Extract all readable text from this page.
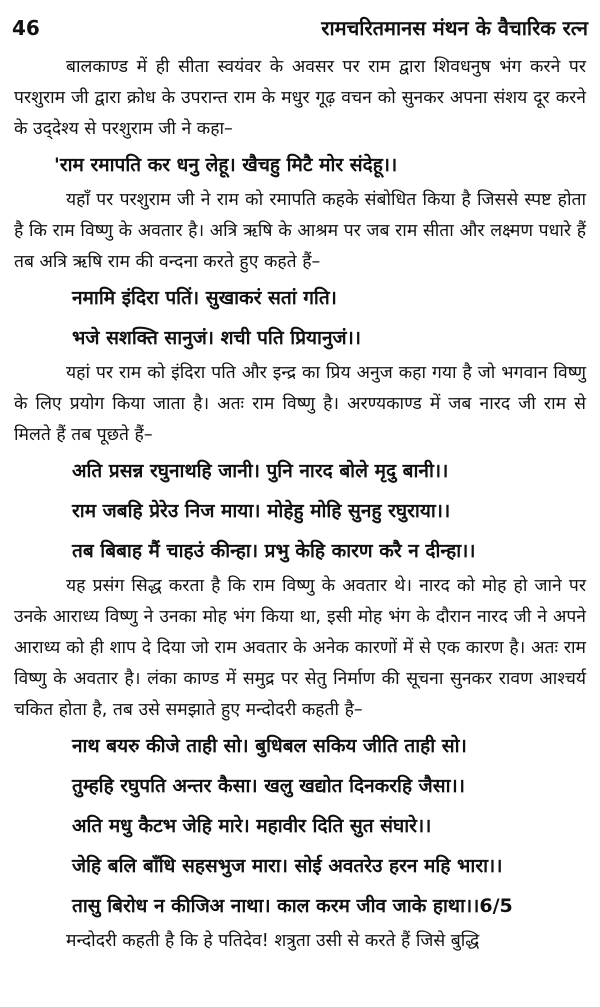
46	रामचरितमानस मंथन के वैचारिक रत्न

बालकाण्ड में ही सीता स्वयंवर के अवसर पर राम द्वारा शिवधनुष भंग करने पर परशुराम जी द्वारा क्रोध के उपरान्त राम के मधुर गूढ़ वचन को सुनकर अपना संशय दूर करने के उद्‌देश्य से परशुराम जी ने कहा–

'राम रमापति कर धनु लेहू। खैचहु मिटै मोर संदेहू।।

यहाँ पर परशुराम जी ने राम को रमापति कहके संबोधित किया है जिससे स्पष्ट होता है कि राम विष्णु के अवतार है। अत्रि ऋषि के आश्रम पर जब राम सीता और लक्ष्मण पधारे हैं तब अत्रि ऋषि राम की वन्दना करते हुए कहते हैं–

नमामि इंदिरा पतिं। सुखाकरं सतां गति।

भजे सशक्ति सानुजं। शची पति प्रियानुजं।।

यहां पर राम को इंदिरा पति और इन्द्र का प्रिय अनुज कहा गया है जो भगवान विष्णु के लिए प्रयोग किया जाता है। अतः राम विष्णु है। अरण्यकाण्ड में जब नारद जी राम से मिलते हैं तब पूछते हैं–

अति प्रसन्न रघुनाथहि जानी। पुनि नारद बोले मृदु बानी।।

राम जबहि प्रेरेउ निज माया। मोहेहु मोहि सुनहु रघुराया।।

तब बिबाह मैं चाहउं कीन्हा। प्रभु केहि कारण करै न दीन्हा।।

यह प्रसंग सिद्ध करता है कि राम विष्णु के अवतार थे। नारद को मोह हो जाने पर उनके आराध्य विष्णु ने उनका मोह भंग किया था, इसी मोह भंग के दौरान नारद जी ने अपने आराध्य को ही शाप दे दिया जो राम अवतार के अनेक कारणों में से एक कारण है। अतः राम विष्णु के अवतार है। लंका काण्ड में समुद्र पर सेतु निर्माण की सूचना सुनकर रावण आश्चर्य चकित होता है, तब उसे समझाते हुए मन्दोदरी कहती है–

नाथ बयरु कीजे ताही सो। बुधिबल सकिय जीति ताही सो।

तुम्हहि रघुपति अन्तर कैसा। खलु खद्योत दिनकरहि जैसा।।

अति मधु कैटभ जेहि मारे। महावीर दिति सुत संघारे।।

जेहि बलि बाँधि सहसभुज मारा। सोई अवतरेउ हरन महि भारा।।

तासु बिरोध न कीजिअ नाथा। काल करम जीव जाके हाथा।।6/5

मन्दोदरी कहती है कि हे पतिदेव! शत्रुता उसी से करते हैं जिसे बुद्धि
